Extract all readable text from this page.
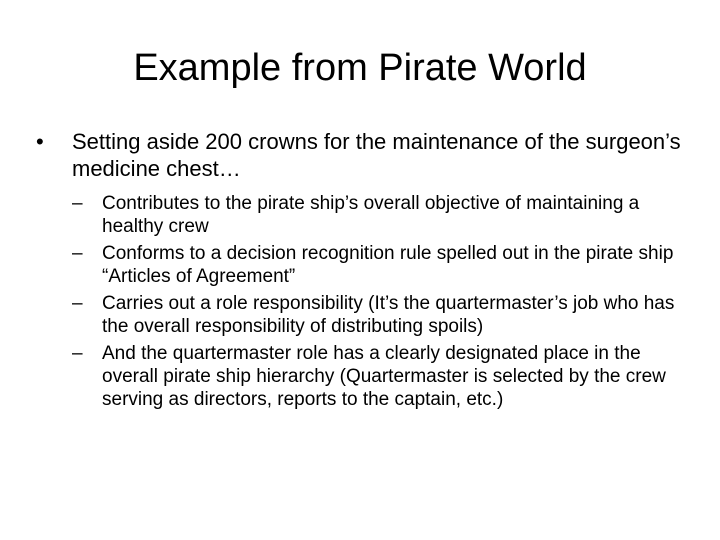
Example from Pirate World
•	Setting aside 200 crowns for the maintenance of the surgeon’s medicine chest…
–	Contributes to the pirate ship’s overall objective of maintaining a healthy crew
–	Conforms to a decision recognition rule spelled out in the pirate ship “Articles of Agreement”
–	Carries out a role responsibility (It’s the quartermaster’s job who has the overall responsibility of distributing spoils)
–	And the quartermaster role has a clearly designated place in the overall pirate ship hierarchy (Quartermaster is selected by the crew serving as directors, reports to the captain, etc.)
